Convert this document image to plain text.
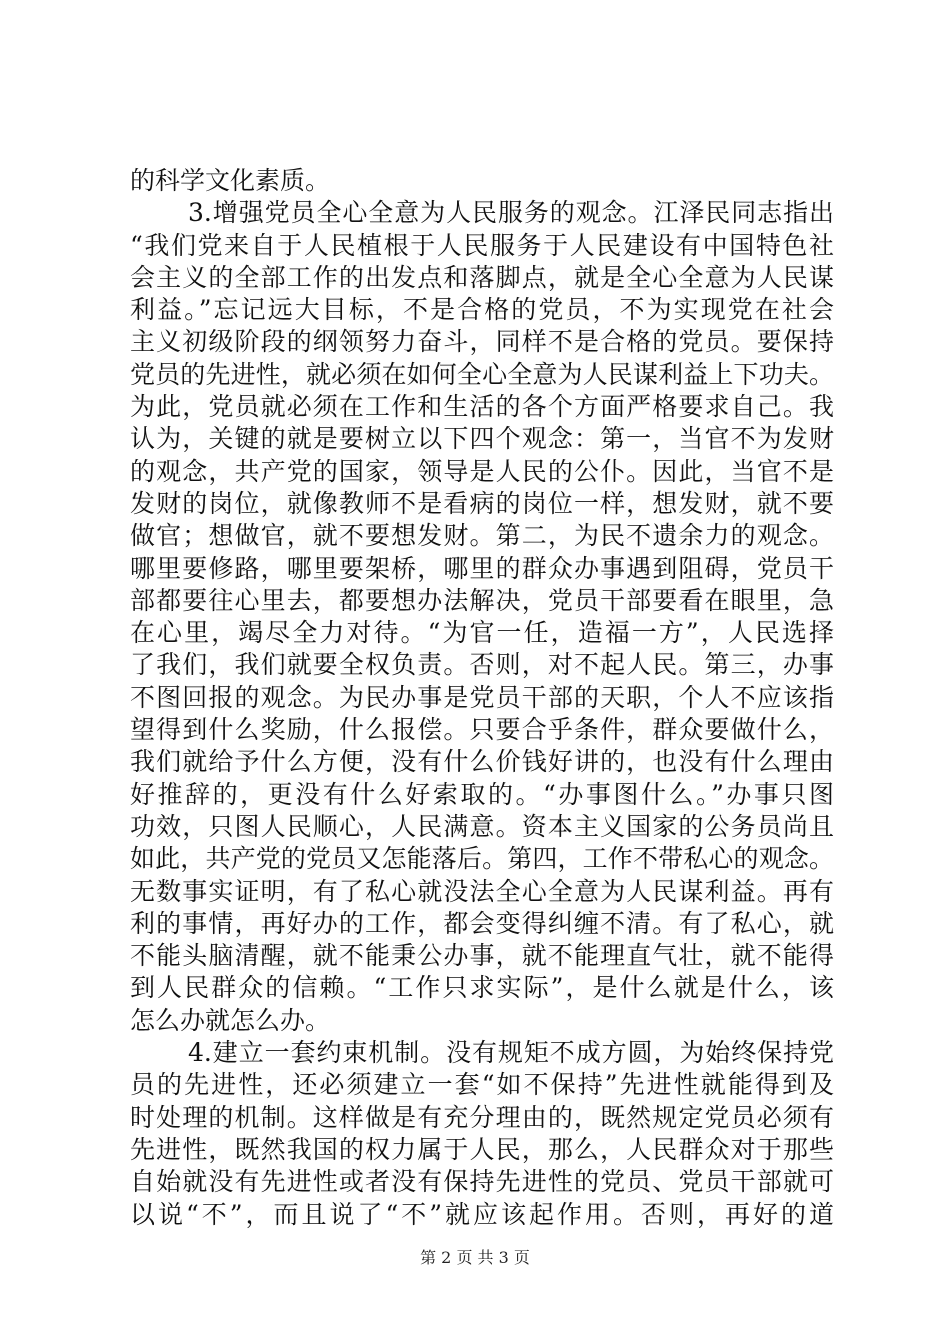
的科学文化素质。
3.增强党员全心全意为人民服务的观念。江泽民同志指出
“我们党来自于人民植根于人民服务于人民建设有中国特色社
会主义的全部工作的出发点和落脚点，就是全心全意为人民谋
利益。”忘记远大目标，不是合格的党员，不为实现党在社会
主义初级阶段的纲领努力奋斗，同样不是合格的党员。要保持
党员的先进性，就必须在如何全心全意为人民谋利益上下功夫。
为此，党员就必须在工作和生活的各个方面严格要求自己。我
认为，关键的就是要树立以下四个观念：第一，当官不为发财
的观念，共产党的国家，领导是人民的公仆。因此，当官不是
发财的岗位，就像教师不是看病的岗位一样，想发财，就不要
做官；想做官，就不要想发财。第二，为民不遗余力的观念。
哪里要修路，哪里要架桥，哪里的群众办事遇到阻碍，党员干
部都要往心里去，都要想办法解决，党员干部要看在眼里，急
在心里，竭尽全力对待。“为官一任，造福一方”，人民选择
了我们，我们就要全权负责。否则，对不起人民。第三，办事
不图回报的观念。为民办事是党员干部的天职，个人不应该指
望得到什么奖励，什么报偿。只要合乎条件，群众要做什么，
我们就给予什么方便，没有什么价钱好讲的，也没有什么理由
好推辞的，更没有什么好索取的。“办事图什么。”办事只图
功效，只图人民顺心，人民满意。资本主义国家的公务员尚且
如此，共产党的党员又怎能落后。第四，工作不带私心的观念。
无数事实证明，有了私心就没法全心全意为人民谋利益。再有
利的事情，再好办的工作，都会变得纠缠不清。有了私心，就
不能头脑清醒，就不能秉公办事，就不能理直气壮，就不能得
到人民群众的信赖。“工作只求实际”，是什么就是什么，该
怎么办就怎么办。
4.建立一套约束机制。没有规矩不成方圆，为始终保持党
员的先进性，还必须建立一套“如不保持”先进性就能得到及
时处理的机制。这样做是有充分理由的，既然规定党员必须有
先进性，既然我国的权力属于人民，那么，人民群众对于那些
自始就没有先进性或者没有保持先进性的党员、党员干部就可
以说“不”，而且说了“不”就应该起作用。否则，再好的道
第 2 页 共 3 页
